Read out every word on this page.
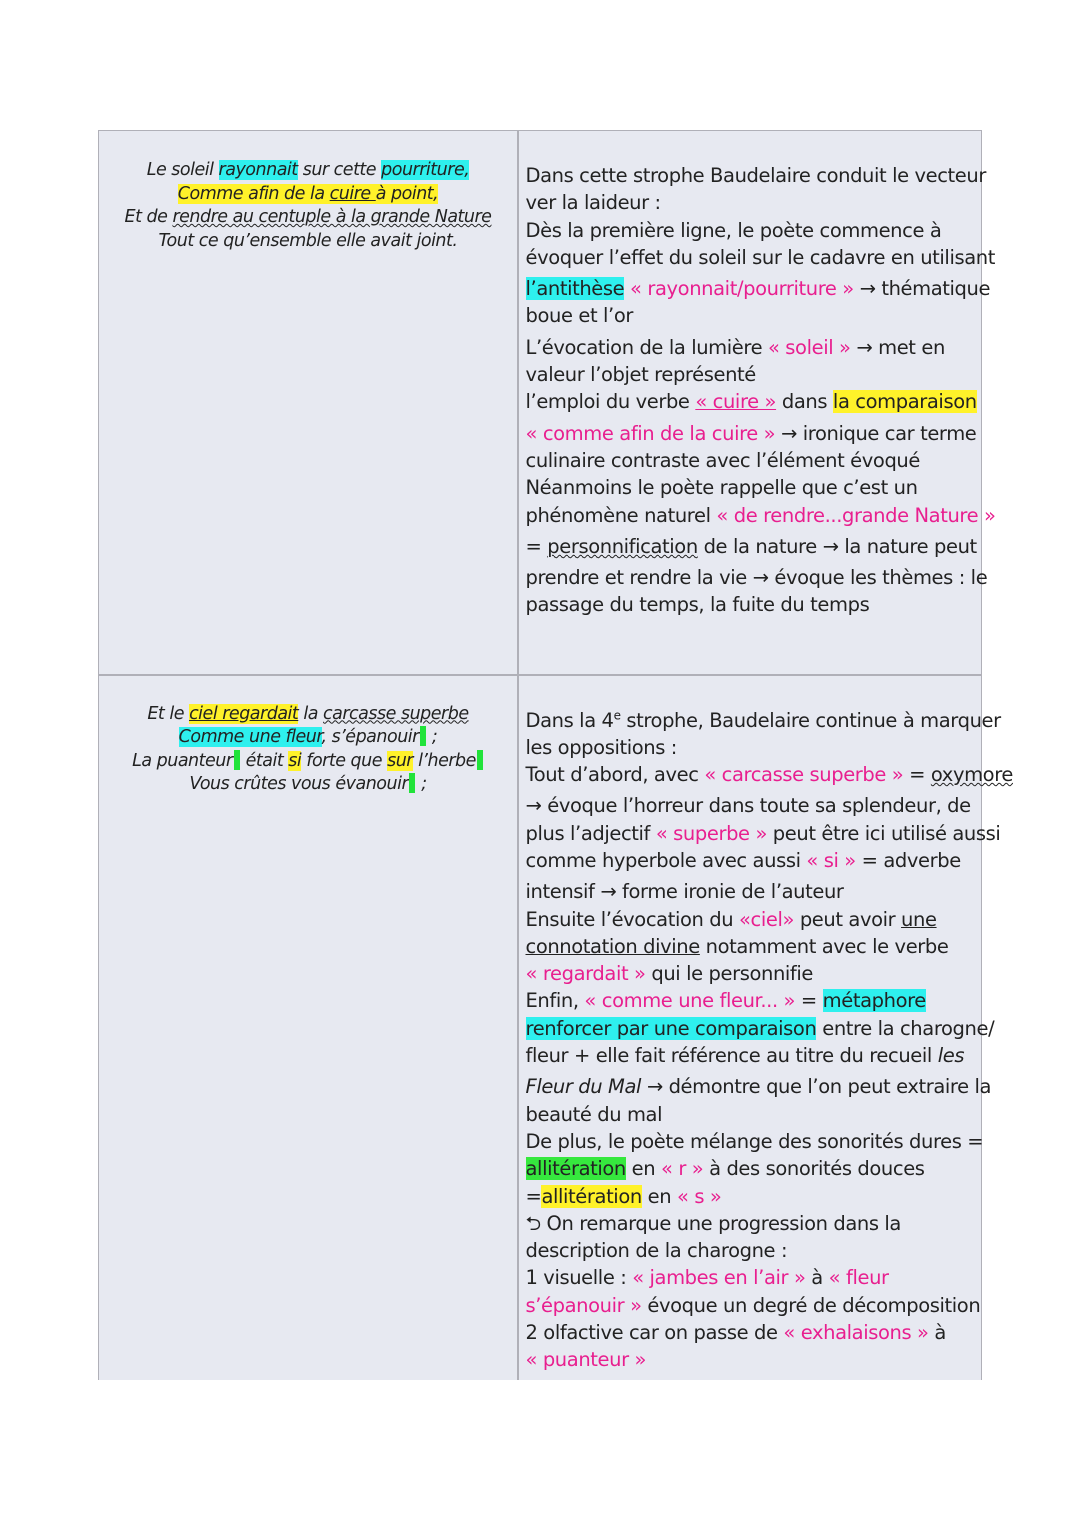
Le soleil rayonnait sur cette pourriture,
Comme afin de la cuire à point,
Et de rendre au centuple à la grande Nature
Tout ce qu’ensemble elle avait joint.
Dans cette strophe Baudelaire conduit le vecteur
ver la laideur :
Dès la première ligne, le poète commence à
évoquer l’effet du soleil sur le cadavre en utilisant
l’antithèse « rayonnait/pourriture » → thématique
boue et l’or
L’évocation de la lumière « soleil » → met en
valeur l’objet représenté
l’emploi du verbe « cuire » dans la comparaison
« comme afin de la cuire » → ironique car terme
culinaire contraste avec l’élément évoqué
Néanmoins le poète rappelle que c’est un
phénomène naturel « de rendre...grande Nature »
= personnification de la nature → la nature peut
prendre et rendre la vie → évoque les thèmes : le
passage du temps, la fuite du temps
Et le ciel regardait la carcasse superbe
Comme une fleur, s’épanouir ;
La puanteur était si forte que sur l’herbe
Vous crûtes vous évanouir ;
Dans la 4e strophe, Baudelaire continue à marquer
les oppositions :
Tout d’abord, avec « carcasse superbe » = oxymore
→ évoque l’horreur dans toute sa splendeur, de
plus l’adjectif « superbe » peut être ici utilisé aussi
comme hyperbole avec aussi « si » = adverbe
intensif → forme ironie de l’auteur
Ensuite l’évocation du «ciel» peut avoir une
connotation divine notamment avec le verbe
« regardait » qui le personnifie
Enfin, « comme une fleur... » = métaphore
renforcer par une comparaison entre la charogne/
fleur + elle fait référence au titre du recueil les
Fleur du Mal → démontre que l’on peut extraire la
beauté du mal
De plus, le poète mélange des sonorités dures =
allitération en « r » à des sonorités douces
=allitération en « s »
⮌ On remarque une progression dans la
description de la charogne :
1 visuelle : « jambes en l’air » à « fleur
s’épanouir » évoque un degré de décomposition
2 olfactive car on passe de « exhalaisons » à
« puanteur »
